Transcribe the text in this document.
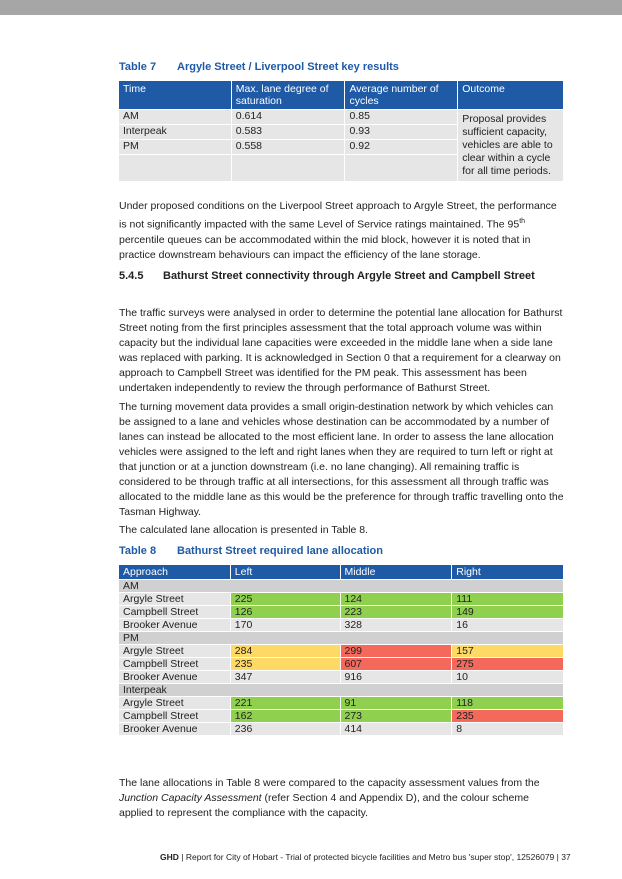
Table 7 Argyle Street / Liverpool Street key results
Time	Max. lane degree of saturation	Average number of cycles	Outcome
AM	0.614	0.85	Proposal provides sufficient capacity, vehicles are able to clear within a cycle for all time periods.
Interpeak	0.583	0.93	
PM	0.558	0.92	

Under proposed conditions on the Liverpool Street approach to Argyle Street, the performance is not significantly impacted with the same Level of Service ratings maintained. The 95th percentile queues can be accommodated within the mid block, however it is noted that in practice downstream behaviours can impact the efficiency of the lane storage.

5.4.5 Bathurst Street connectivity through Argyle Street and Campbell Street

The traffic surveys were analysed in order to determine the potential lane allocation for Bathurst Street noting from the first principles assessment that the total approach volume was within capacity but the individual lane capacities were exceeded in the middle lane when a side lane was replaced with parking. It is acknowledged in Section 0 that a requirement for a clearway on approach to Campbell Street was identified for the PM peak. This assessment has been undertaken independently to review the through performance of Bathurst Street.

The turning movement data provides a small origin-destination network by which vehicles can be assigned to a lane and vehicles whose destination can be accommodated by a number of lanes can instead be allocated to the most efficient lane. In order to assess the lane allocation vehicles were assigned to the left and right lanes when they are required to turn left or right at that junction or at a junction downstream (i.e. no lane changing). All remaining traffic is considered to be through traffic at all intersections, for this assessment all through traffic was allocated to the middle lane as this would be the preference for through traffic travelling onto the Tasman Highway.

The calculated lane allocation is presented in Table 8.

Table 8 Bathurst Street required lane allocation
Approach	Left	Middle	Right
AM			
Argyle Street	225	124	111
Campbell Street	126	223	149
Brooker Avenue	170	328	16
PM			
Argyle Street	284	299	157
Campbell Street	235	607	275
Brooker Avenue	347	916	10
Interpeak			
Argyle Street	221	91	118
Campbell Street	162	273	235
Brooker Avenue	236	414	8

The lane allocations in Table 8 were compared to the capacity assessment values from the Junction Capacity Assessment (refer Section 4 and Appendix D), and the colour scheme applied to represent the compliance with the capacity.

GHD | Report for City of Hobart - Trial of protected bicycle facilities and Metro bus 'super stop', 12526079 | 37
